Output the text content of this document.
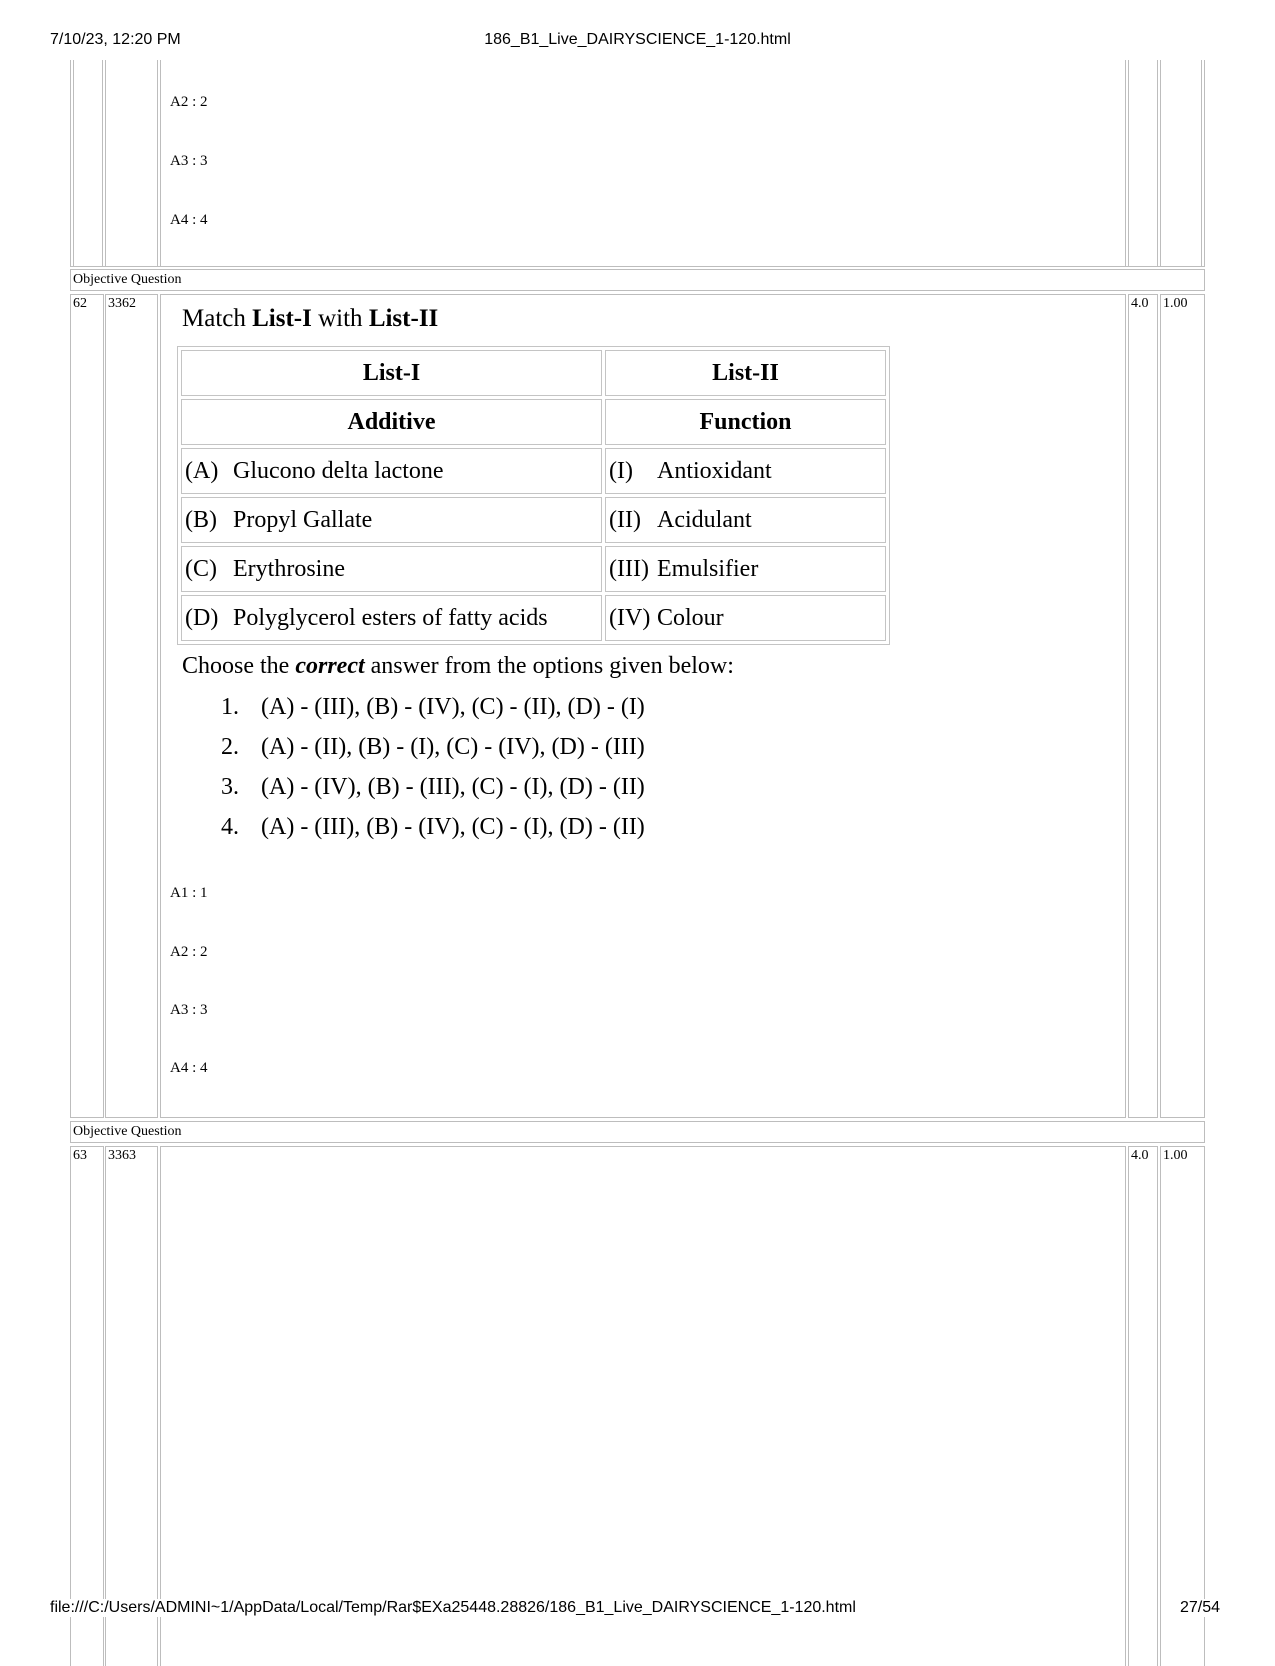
7/10/23, 12:20 PM	186_B1_Live_DAIRYSCIENCE_1-120.html
A2 : 2
A3 : 3
A4 : 4
Objective Question
62 3362	4.0 1.00
Match List-I with List-II
List-I	List-II
Additive	Function
(A) Glucono delta lactone	(I) Antioxidant
(B) Propyl Gallate	(II) Acidulant
(C) Erythrosine	(III) Emulsifier
(D) Polyglycerol esters of fatty acids	(IV) Colour
Choose the correct answer from the options given below:
1. (A) - (III), (B) - (IV), (C) - (II), (D) - (I)
2. (A) - (II), (B) - (I), (C) - (IV), (D) - (III)
3. (A) - (IV), (B) - (III), (C) - (I), (D) - (II)
4. (A) - (III), (B) - (IV), (C) - (I), (D) - (II)
A1 : 1
A2 : 2
A3 : 3
A4 : 4
Objective Question
63 3363	4.0 1.00
file:///C:/Users/ADMINI~1/AppData/Local/Temp/Rar$EXa25448.28826/186_B1_Live_DAIRYSCIENCE_1-120.html	27/54
